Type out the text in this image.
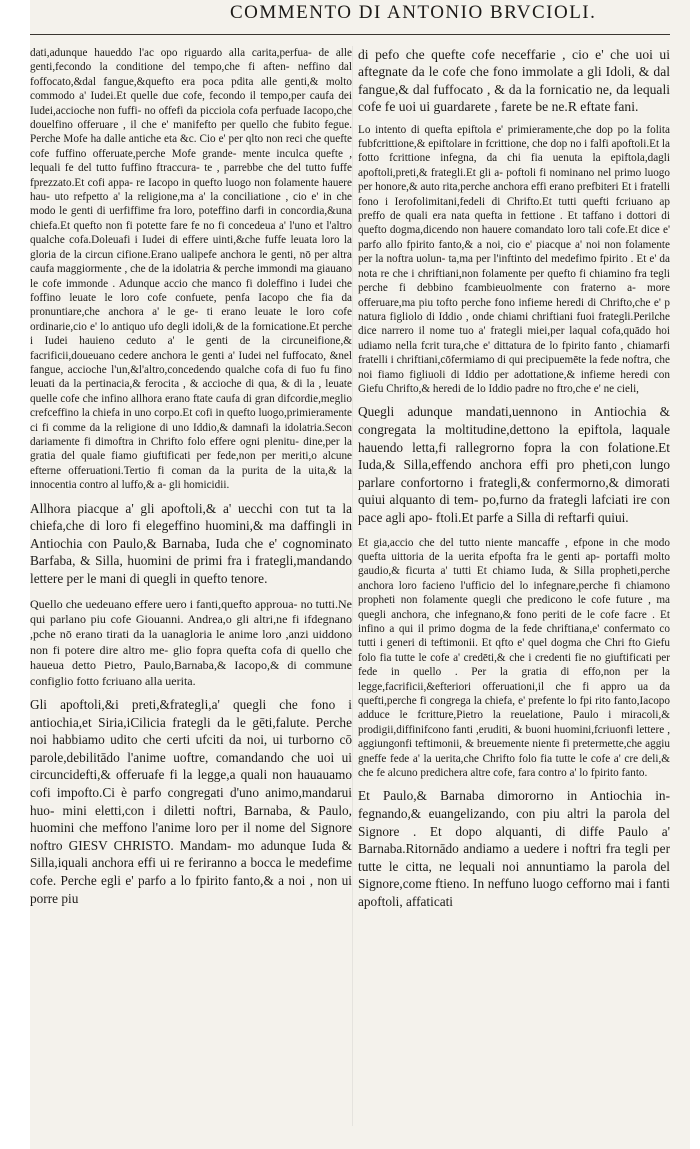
COMMENTO DI ANTONIO BRVCIOLI.

dati,adunque haueddo l'ac opo riguardo alla carita,perfua- de alle genti,fecondo la conditione del tempo,che fi aften- neffino dal foffocato,&dal fangue,&quefto era poca pdita alle genti,& molto commodo a' Iudei.Et quelle due cofe, fecondo il tempo,per caufa dei Iudei,accioche non fuffi- no offefi da picciola cofa perfuade Iacopo,che douelfino offeruare , il che e' manifefto per quello che fubito fegue. Perche Mofe ha dalle antiche eta &c. Cio e' per qlto non reci che quefte cofe fuffino offeruate,perche Mofe grande- mente inculca quefte , lequali fe del tutto fuffino ftraccura- te , parrebbe che del tutto fuffe fprezzato.Et cofi appa- re Iacopo in quefto luogo non folamente hauere hau- uto refpetto a' la religione,ma a' la conciliatione , cio e' in che modo le genti di uerfiffime fra loro, poteffino darfi in concordia,&una chiefa.Et quefto non fi potette fare fe no fi concedeua a' l'uno et l'altro qualche cofa.Doleuafi i Iudei di effere uinti,&che fuffe leuata loro la gloria de la circun cifione.Erano ualipefe anchora le genti, nō per altra caufa maggiormente , che de la idolatria & perche immondi ma giauano le cofe immonde . Adunque accio che manco fi doleffino i Iudei che foffino leuate le loro cofe confuete, penfa Iacopo che fia da pronuntiare,che anchora a' le ge- ti erano leuate le loro cofe ordinarie,cio e' lo antiquo ufo degli idoli,& de la fornicatione.Et perche i Iudei hauieno ceduto a' le genti de la circuneifione,& facrificii,doueuano cedere anchora le genti a' Iudei nel fuffocato, &nel fangue, accioche l'un,&l'altro,concedendo qualche cofa di fuo fu fino leuati da la pertinacia,& ferocita , & accioche di qua, & di la , leuate quelle cofe che infino allhora erano ftate caufa di gran difcordie,meglio crefceffino la chiefa in uno corpo.Et cofi in quefto luogo,primieramente ci fi comme da la religione di uno Iddio,& damnafi la idolatria.Secon dariamente fi dimoftra in Chrifto folo effere ogni plenitu- dine,per la gratia del quale fiamo giuftificati per fede,non per meriti,o alcune efterne offeruationi.Tertio fi coman da la purita de la uita,& la innocentia contro al luffo,& a- gli homicidii.

Allhora piacque a' gli apoftoli,& a' uecchi con tut ta la chiefa,che di loro fi elegeffino huomini,& ma daffingli in Antiochia con Paulo,& Barnaba, Iuda che e' cognominato Barfaba, & Silla, huomini de primi fra i frategli,mandando lettere per le mani di quegli in quefto tenore.

Quello che uedeuano effere uero i fanti,quefto approua- no tutti.Ne qui parlano piu cofe Giouanni. Andrea,o gli altri,ne fi ifdegnano ,pche nō erano tirati da la uanagloria le anime loro ,anzi uiddono non fi potere dire altro me- glio fopra quefta cofa di quello che haueua detto Pietro, Paulo,Barnaba,& Iacopo,& di commune configlio fotto fcriuano alla uerita.

Gli apoftoli,&i preti,&frategli,a' quegli che fono i antiochia,et Siria,iCilicia frategli da le gēti,falute. Perche noi habbiamo udito che certi ufciti da noi, ui turborno cō parole,debilitādo l'anime uoftre, comandando che uoi ui circuncidefti,& offeruafe fi la legge,a quali non hauauamo cofi impofto.Ci è parfo congregati d'uno animo,mandarui huo- mini eletti,con i diletti noftri, Barnaba, & Paulo, huomini che meffono l'anime loro per il nome del Signore noftro GIESV CHRISTO. Mandam- mo adunque Iuda & Silla,iquali anchora effi ui re feriranno a bocca le medefime cofe. Perche egli e' parfo a lo fpirito fanto,& a noi , non ui porre piu

di pefo che quefte cofe neceffarie , cio e' che uoi ui aftegnate da le cofe che fono immolate a gli Idoli, & dal fangue,& dal fuffocato , & da la fornicatio ne, da lequali cofe fe uoi ui guardarete , farete be ne.R eftate fani.

Lo intento di quefta epiftola e' primieramente,che dop po la folita fubfcrittione,& epiftolare in fcrittione, che dop no i falfi apoftoli.Et la fotto fcrittione infegna, da chi fia uenuta la epiftola,dagli apoftoli,preti,& frategli.Et gli a- poftoli fi nominano nel primo luogo per honore,& auto rita,perche anchora effi erano prefbiteri Et i fratelli fono i Ierofolimitani,fedeli di Chrifto.Et tutti quefti fcriuano ap preffo de quali era nata quefta in fettione . Et taffano i dottori di quefto dogma,dicendo non hauere comandato loro tali cofe.Et dice e' parfo allo fpirito fanto,& a noi, cio e' piacque a' noi non folamente per la noftra uolun- ta,ma per l'inftinto del medefimo fpirito . Et e' da nota re che i chriftiani,non folamente per quefto fi chiamino fra tegli perche fi debbino fcambieuolmente con fraterno a- more offeruare,ma piu tofto perche fono infieme heredi di Chrifto,che e' p natura figliolo di Iddio , onde chiami chriftiani fuoi frategli.Perilche dice narrero il nome tuo a' frategli miei,per laqual cofa,quādo hoi udiamo nella fcrit tura,che e' dittatura de lo fpirito fanto , chiamarfi fratelli i chriftiani,cōfermiamo di qui precipuemēte la fede noftra, che noi fiamo figliuoli di Iddio per adottatione,& infieme heredi con Giefu Chrifto,& heredi de lo Iddio padre no ftro,che e' ne cieli,

Quegli adunque mandati,uennono in Antiochia & congregata la moltitudine,dettono la epiftola, laquale hauendo letta,fi rallegrorno fopra la con folatione.Et Iuda,& Silla,effendo anchora effi pro pheti,con lungo parlare confortorno i frategli,& confermorno,& dimorati quiui alquanto di tem- po,furno da frategli lafciati ire con pace agli apo- ftoli.Et parfe a Silla di reftarfi quiui.

Et gia,accio che del tutto niente mancaffe , efpone in che modo quefta uittoria de la uerita efpofta fra le genti ap- portaffi molto gaudio,& ficurta a' tutti Et chiamo Iuda, & Silla propheti,perche anchora loro facieno l'ufficio del lo infegnare,perche fi chiamono propheti non folamente quegli che predicono le cofe future , ma quegli anchora, che infegnano,& fono periti de le cofe facre . Et infino a qui il primo dogma de la fede chriftiana,e' confermato co tutti i generi di teftimonii. Et qfto e' quel dogma che Chri fto Giefu folo fia tutte le cofe a' credēti,& che i credenti fie no giuftificati per fede in quello . Per la gratia di effo,non per la legge,facrificii,&efteriori offeruationi,il che fi appro ua da quefti,perche fi congrega la chiefa, e' prefente lo fpi rito fanto,Iacopo adduce le fcritture,Pietro la reuelatione, Paulo i miracoli,& prodigii,diffinifcono fanti ,eruditi, & buoni huomini,fcriuonfi lettere , aggiungonfi teftimonii, & breuemente niente fi pretermette,che aggiu gneffe fede a' la uerita,che Chrifto folo fia tutte le cofe a' cre deli,& che fe alcuno predichera altre cofe, fara contro a' lo fpirito fanto.

Et Paulo,& Barnaba dimororno in Antiochia in- fegnando,& euangelizando, con piu altri la parola del Signore . Et dopo alquanti, di diffe Paulo a' Barnaba.Ritornādo andiamo a uedere i noftri fra tegli per tutte le citta, ne lequali noi annuntiamo la parola del Signore,come ftieno. In neffuno luogo cefforno mai i fanti apoftoli, affaticati
